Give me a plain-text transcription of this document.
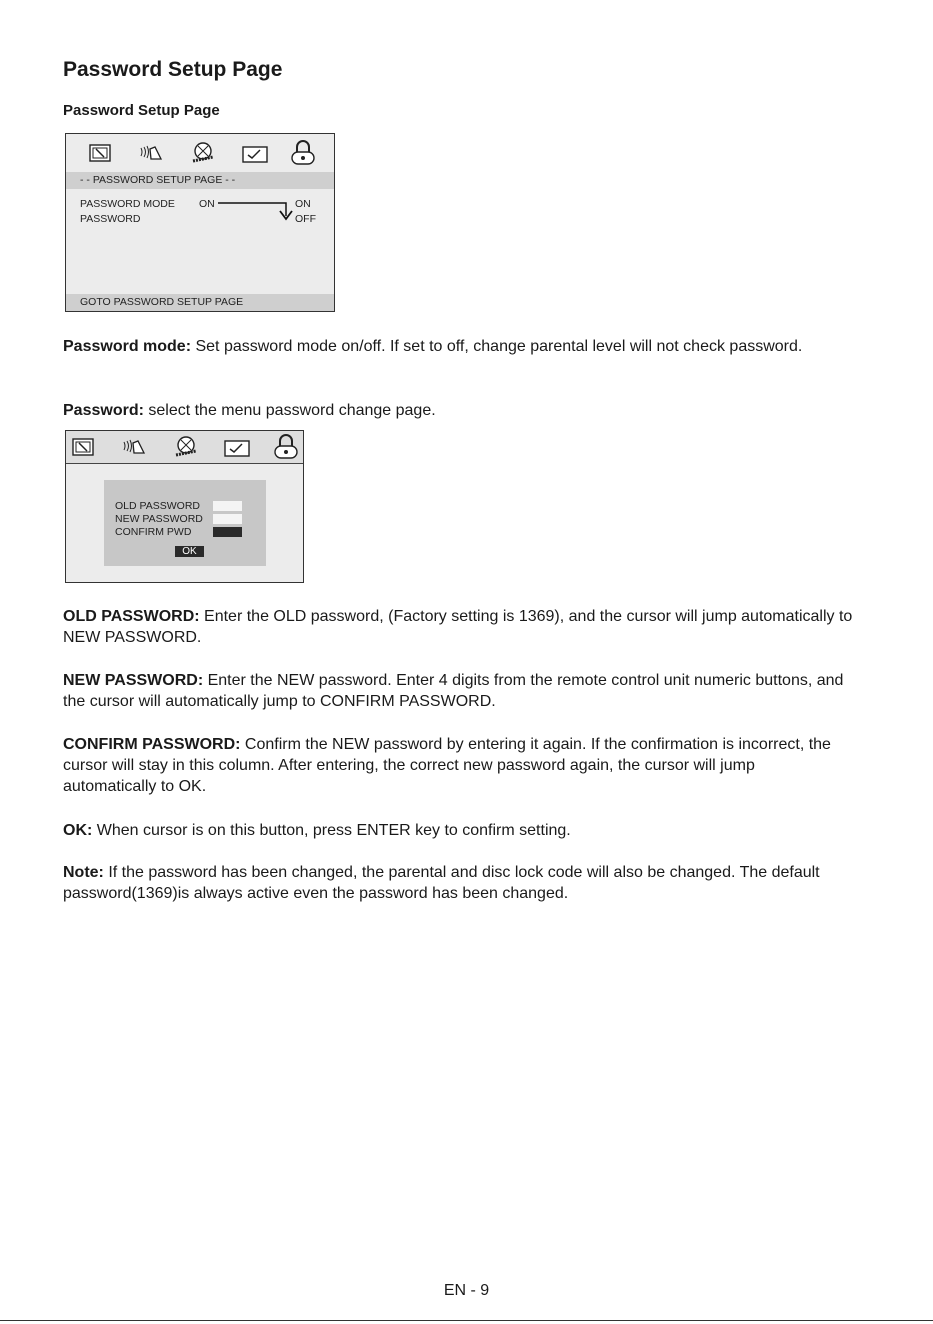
Password Setup Page
Password Setup Page
- - PASSWORD SETUP PAGE - -
PASSWORD MODE ON
PASSWORD
ON
OFF
GOTO PASSWORD SETUP PAGE

Password mode: Set password mode on/off. If set to off, change parental level will not check password.

Password: select the menu password change page.

OLD PASSWORD
NEW PASSWORD
CONFIRM PWD
OK

OLD PASSWORD: Enter the OLD password, (Factory setting is 1369), and the cursor will jump automatically to NEW PASSWORD.

NEW PASSWORD: Enter the NEW password. Enter 4 digits from the remote control unit numeric buttons, and the cursor will automatically jump to CONFIRM PASSWORD.

CONFIRM PASSWORD: Confirm the NEW password by entering it again. If the confirmation is incorrect, the cursor will stay in this column. After entering, the correct new password again, the cursor will jump automatically to OK.

OK: When cursor is on this button, press ENTER key to confirm setting.

Note: If the password has been changed, the parental and disc lock code will also be changed. The default password(1369)is always active even the password has been changed.

EN - 9
